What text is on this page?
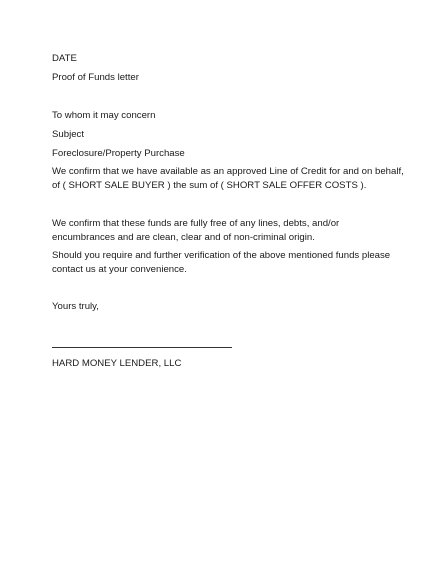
DATE

Proof of Funds letter

To whom it may concern

Subject

Foreclosure/Property Purchase

We confirm that we have available as an approved Line of Credit for and on behalf,
of ( SHORT SALE BUYER ) the sum of ( SHORT SALE OFFER COSTS ).
We confirm that these funds are fully free of any lines, debts, and/or
encumbrances and are clean, clear and of non-criminal origin.
Should you require and further verification of the above mentioned funds please
contact us at your convenience.

Yours truly,

HARD MONEY LENDER, LLC
